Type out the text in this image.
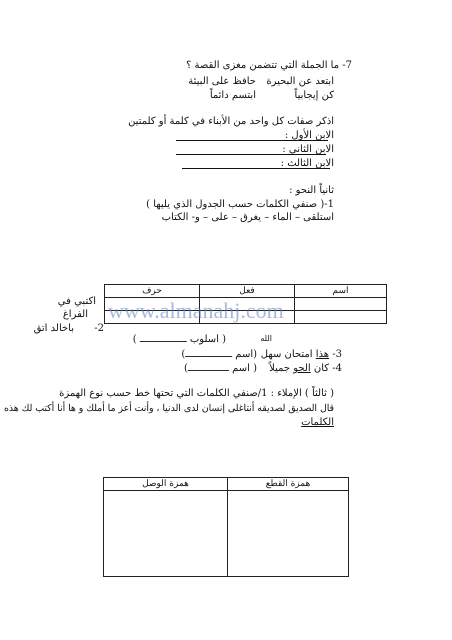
7- ما الجملة التي تتضمن مغزى القصة ؟
ابتعد عن البحيرة
حافظ على البيئة
كن إيجابياً
ابتسم دائماً
اذكر صفات كل واحد من الأبناء في كلمة أو كلمتين
الابن الأول :
الابن الثاني :
الابن الثالث :
ثانياً النحو :
1-( صنفي الكلمات حسب الجدول الذي يليها )
استلقى – الماء – يغرق – على – و- الكتاب
حرف	فعل	اسم

اكتبي في
الفراغ
باخالد اتق 2-
الله
( اسلوب ــــــــــــــــ )
3- هذا امتحان سهل
(اسم ــــــــــــــــ)
4- كان الجو جميلاً
( اسم ــــــــــــــ)
www.almanahj.com
( ثالثاً ) الإملاء : 1/صنفي الكلمات التي تحتها خط حسب نوع الهمزة
قال الصديق لصديقه أنتاغلى إنسان لدى الدنيا ، وأنت أعز ما أملك و ها أنا أكتب لك هذه
الكلمات
همزة الوصل	همزة القطع
